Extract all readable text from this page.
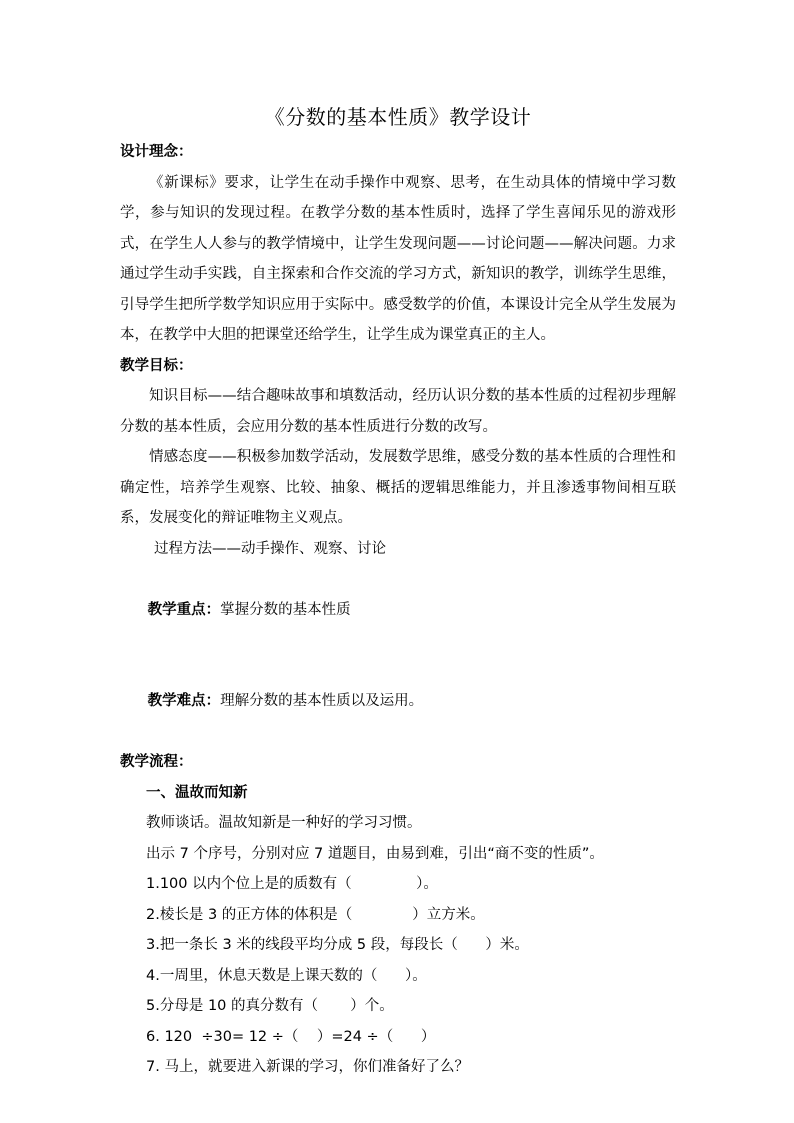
《分数的基本性质》教学设计
设计理念：
《新课标》要求，让学生在动手操作中观察、思考，在生动具体的情境中学习数学，参与知识的发现过程。在教学分数的基本性质时，选择了学生喜闻乐见的游戏形式，在学生人人参与的教学情境中，让学生发现问题——讨论问题——解决问题。力求通过学生动手实践，自主探索和合作交流的学习方式，新知识的教学，训练学生思维，引导学生把所学数学知识应用于实际中。感受数学的价值，本课设计完全从学生发展为本，在教学中大胆的把课堂还给学生，让学生成为课堂真正的主人。
教学目标：
知识目标——结合趣味故事和填数活动，经历认识分数的基本性质的过程初步理解分数的基本性质，会应用分数的基本性质进行分数的改写。
情感态度——积极参加数学活动，发展数学思维，感受分数的基本性质的合理性和确定性，培养学生观察、比较、抽象、概括的逻辑思维能力，并且渗透事物间相互联系，发展变化的辩证唯物主义观点。
过程方法——动手操作、观察、讨论

教学重点：掌握分数的基本性质

教学难点：理解分数的基本性质以及运用。

教学流程：
一、温故而知新
教师谈话。温故知新是一种好的学习习惯。
出示 7 个序号，分别对应 7 道题目，由易到难，引出“商不变的性质”。
1.100 以内个位上是的质数有（              ）。
2.棱长是 3 的正方体的体积是（             ）立方米。
3.把一条长 3 米的线段平均分成 5 段，每段长（      ）米。
4.一周里，休息天数是上课天数的（      ）。
5.分母是 10 的真分数有（       ）个。
6. 120  ÷30= 12 ÷（    ）=24 ÷（      ）
7. 马上，就要进入新课的学习，你们准备好了么？
